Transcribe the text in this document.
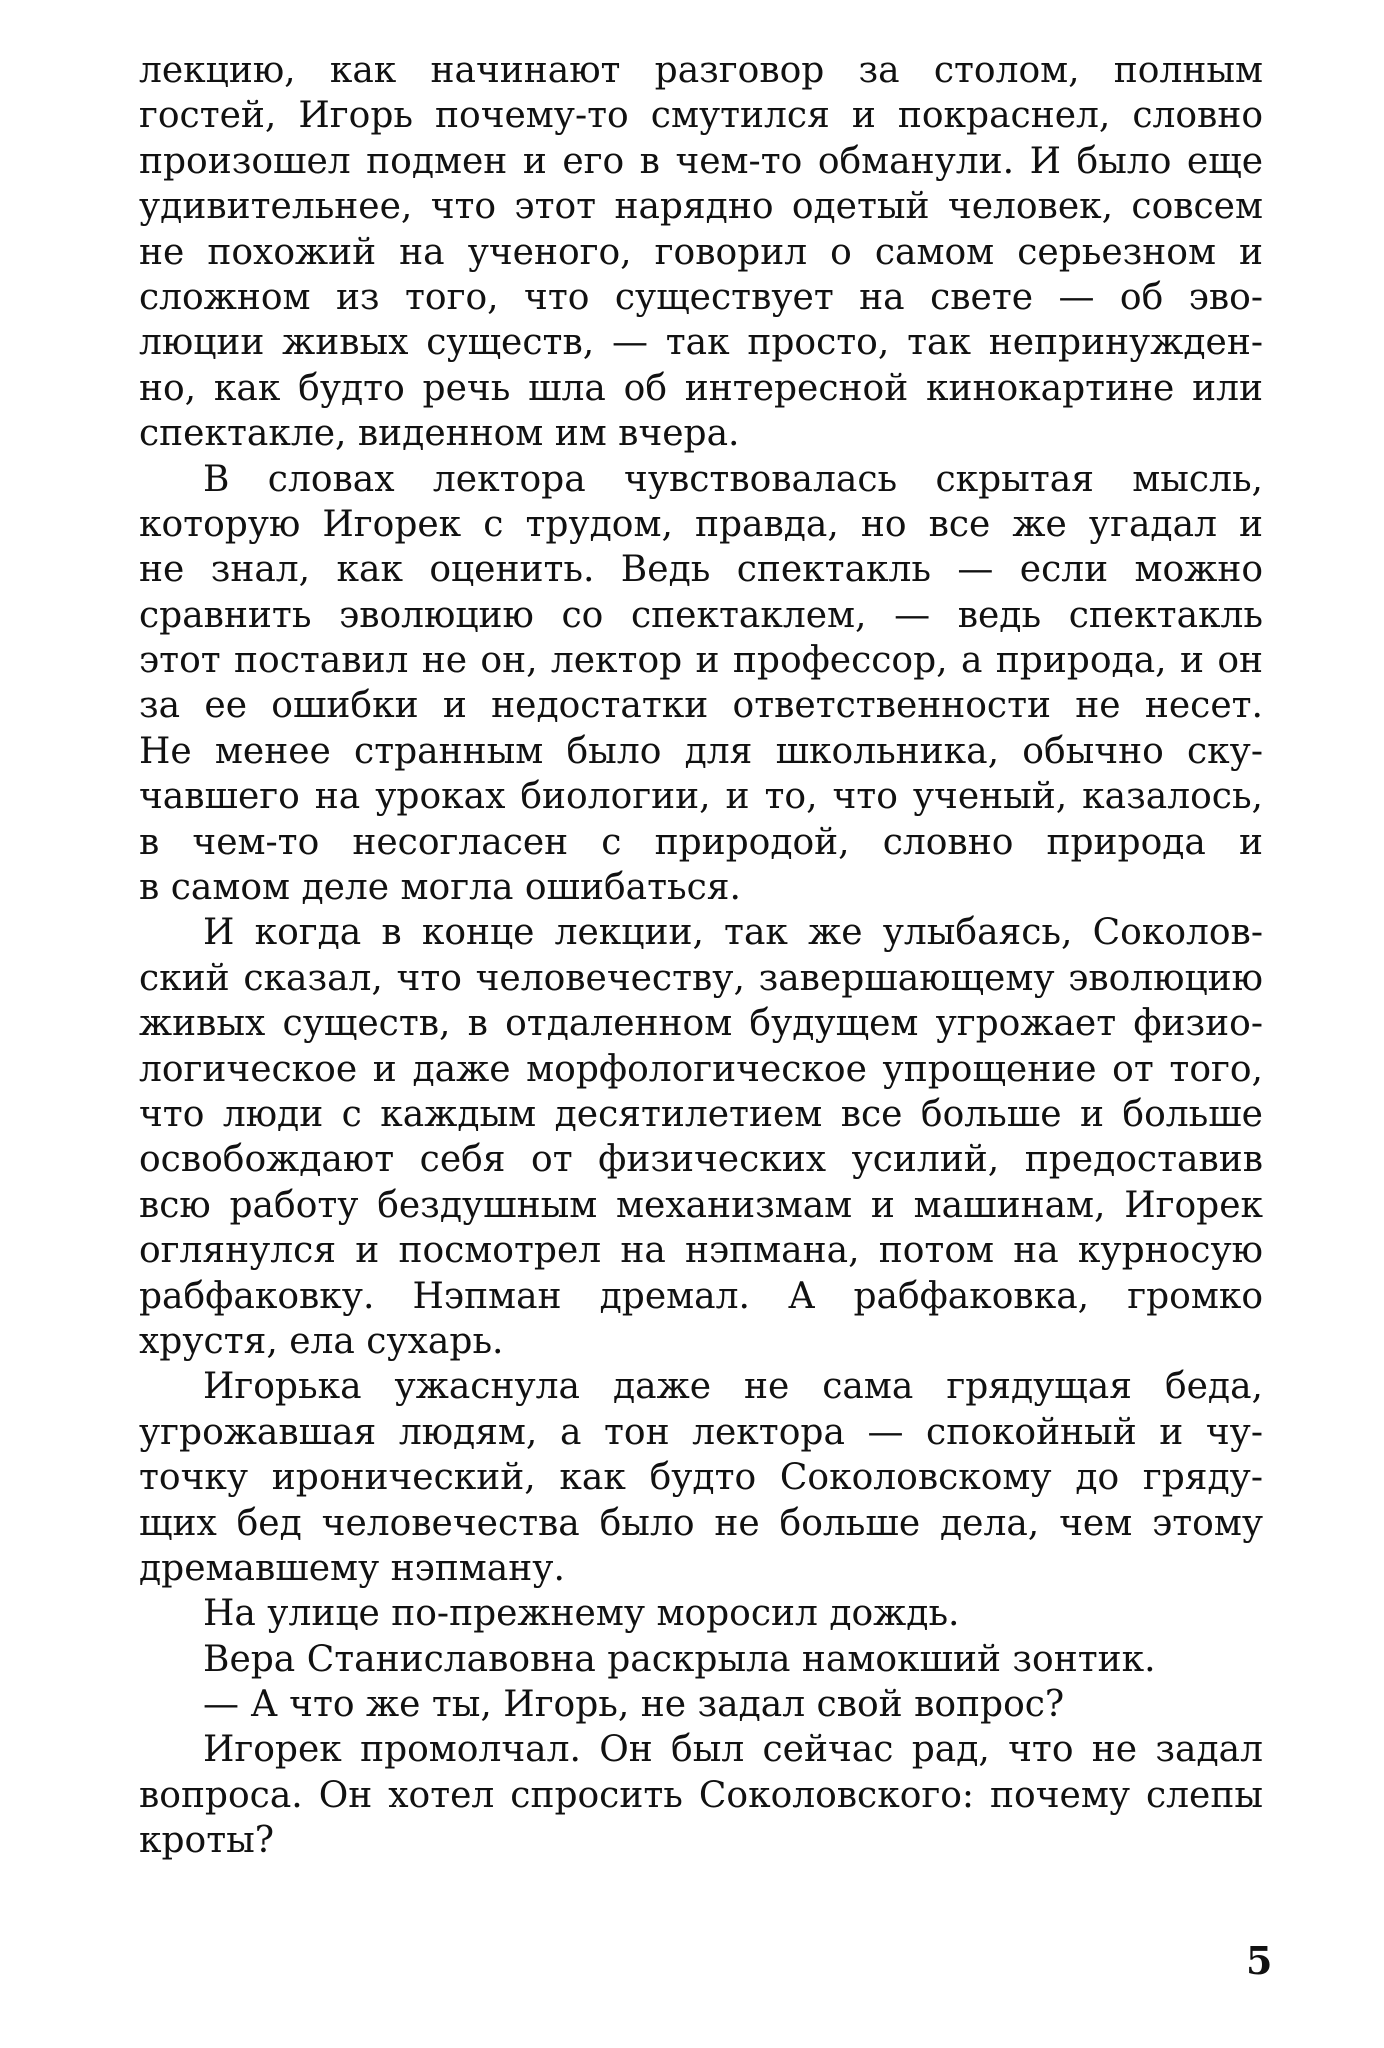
лекцию, как начинают разговор за столом, полным
гостей, Игорь почему-то смутился и покраснел, словно
произошел подмен и его в чем-то обманули. И было еще
удивительнее, что этот нарядно одетый человек, совсем
не похожий на ученого, говорил о самом серьезном и
сложном из того, что существует на свете — об эво-
люции живых существ, — так просто, так непринужден-
но, как будто речь шла об интересной кинокартине или
спектакле, виденном им вчера.
В словах лектора чувствовалась скрытая мысль,
которую Игорек с трудом, правда, но все же угадал и
не знал, как оценить. Ведь спектакль — если можно
сравнить эволюцию со спектаклем, — ведь спектакль
этот поставил не он, лектор и профессор, а природа, и он
за ее ошибки и недостатки ответственности не несет.
Не менее странным было для школьника, обычно ску-
чавшего на уроках биологии, и то, что ученый, казалось,
в чем-то несогласен с природой, словно природа и
в самом деле могла ошибаться.
И когда в конце лекции, так же улыбаясь, Соколов-
ский сказал, что человечеству, завершающему эволюцию
живых существ, в отдаленном будущем угрожает физио-
логическое и даже морфологическое упрощение от того,
что люди с каждым десятилетием все больше и больше
освобождают себя от физических усилий, предоставив
всю работу бездушным механизмам и машинам, Игорек
оглянулся и посмотрел на нэпмана, потом на курносую
рабфаковку. Нэпман дремал. А рабфаковка, громко
хрустя, ела сухарь.
Игорька ужаснула даже не сама грядущая беда,
угрожавшая людям, а тон лектора — спокойный и чу-
точку иронический, как будто Соколовскому до гряду-
щих бед человечества было не больше дела, чем этому
дремавшему нэпману.
На улице по-прежнему моросил дождь.
Вера Станиславовна раскрыла намокший зонтик.
— А что же ты, Игорь, не задал свой вопрос?
Игорек промолчал. Он был сейчас рад, что не задал
вопроса. Он хотел спросить Соколовского: почему слепы
кроты?
5
